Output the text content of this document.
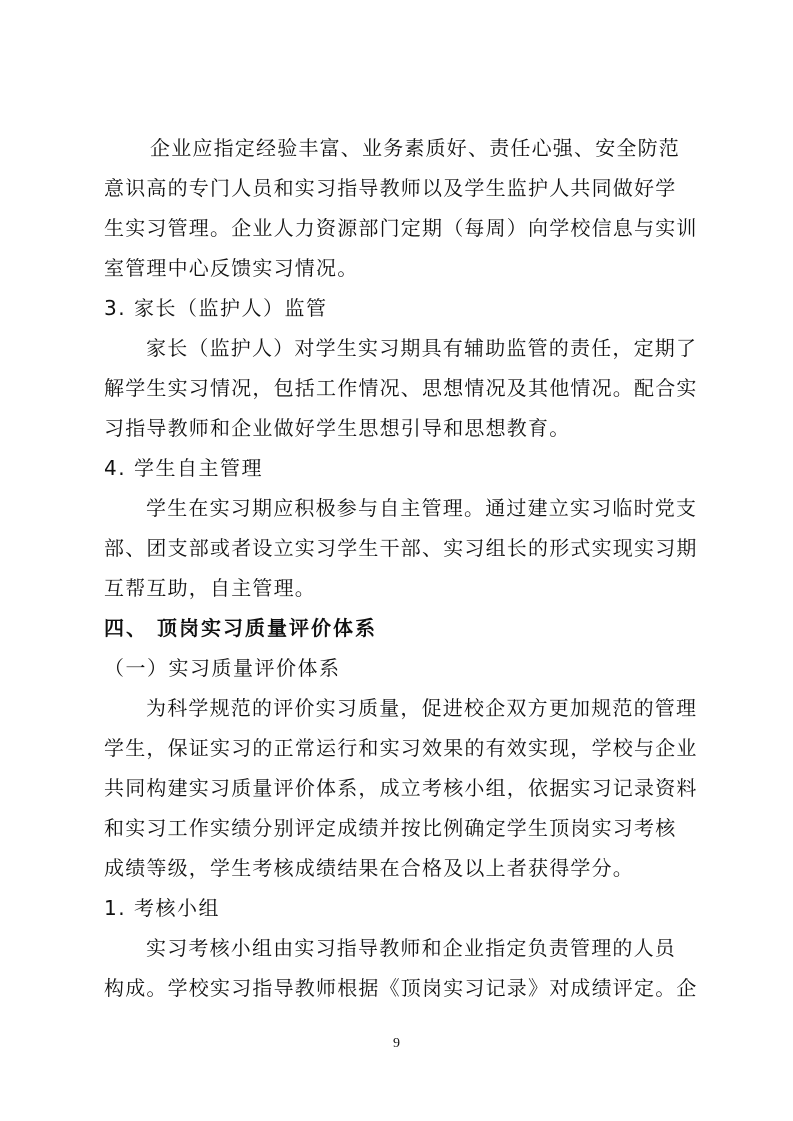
企业应指定经验丰富、业务素质好、责任心强、安全防范
意识高的专门人员和实习指导教师以及学生监护人共同做好学
生实习管理。企业人力资源部门定期（每周）向学校信息与实训
室管理中心反馈实习情况。
3. 家长（监护人）监管
家长（监护人）对学生实习期具有辅助监管的责任，定期了
解学生实习情况，包括工作情况、思想情况及其他情况。配合实
习指导教师和企业做好学生思想引导和思想教育。
4. 学生自主管理
学生在实习期应积极参与自主管理。通过建立实习临时党支
部、团支部或者设立实习学生干部、实习组长的形式实现实习期
互帮互助，自主管理。
四、 顶岗实习质量评价体系
（一）实习质量评价体系
为科学规范的评价实习质量，促进校企双方更加规范的管理
学生，保证实习的正常运行和实习效果的有效实现，学校与企业
共同构建实习质量评价体系，成立考核小组，依据实习记录资料
和实习工作实绩分别评定成绩并按比例确定学生顶岗实习考核
成绩等级，学生考核成绩结果在合格及以上者获得学分。
1. 考核小组
实习考核小组由实习指导教师和企业指定负责管理的人员
构成。学校实习指导教师根据《顶岗实习记录》对成绩评定。企
9
